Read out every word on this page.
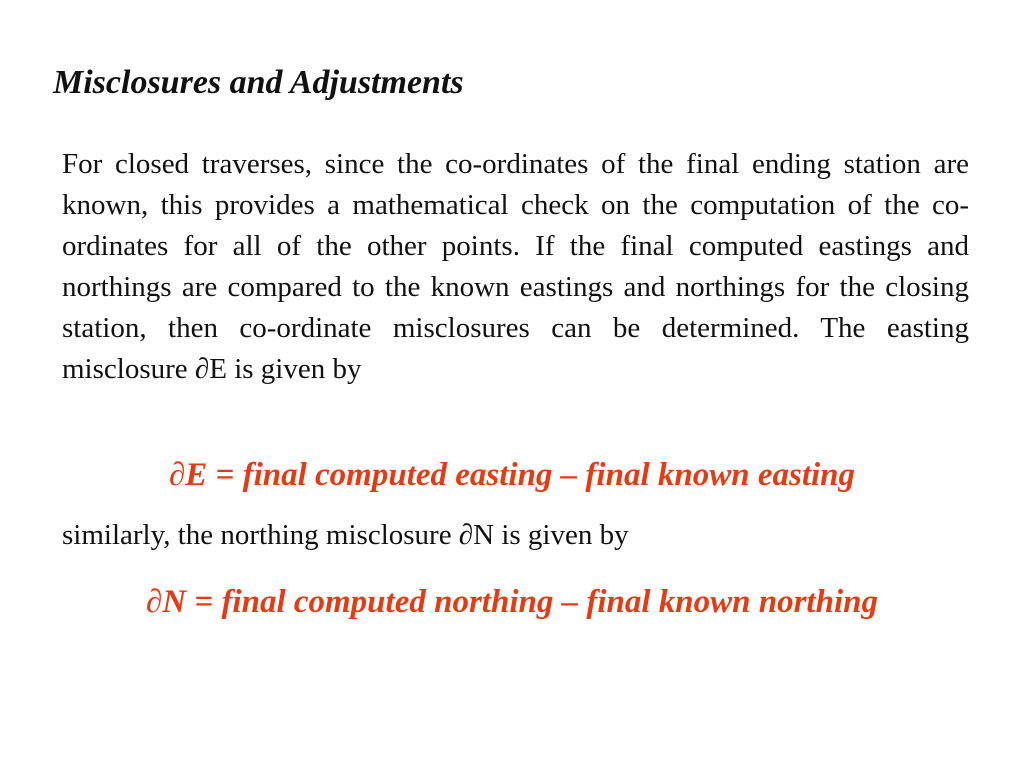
Misclosures and Adjustments

For closed traverses, since the co-ordinates of the final ending station are known, this provides a mathematical check on the computation of the co-ordinates for all of the other points. If the final computed eastings and northings are compared to the known eastings and northings for the closing station, then co-ordinate misclosures can be determined. The easting misclosure ∂E is given by

∂E = final computed easting – final known easting

similarly, the northing misclosure ∂N is given by

∂N = final computed northing – final known northing
